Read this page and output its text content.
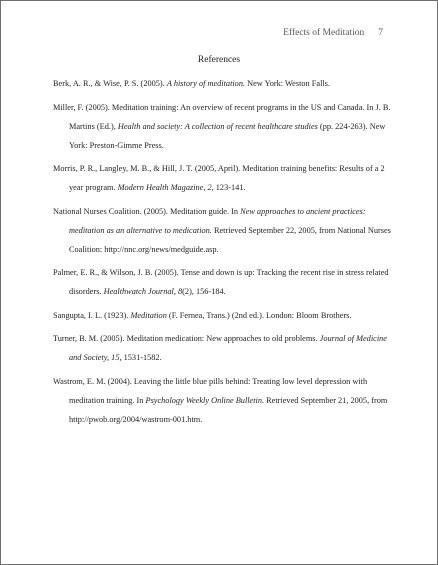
Effects of Meditation 7
References

Berk, A. R., & Wise, P. S. (2005). A history of meditation. New York: Weston Falls.

Miller, F. (2005). Meditation training: An overview of recent programs in the US and Canada. In J. B. Martins (Ed.), Health and society: A collection of recent healthcare studies (pp. 224-263). New York: Preston-Gimme Press.

Morris, P. R., Langley, M. B., & Hill, J. T. (2005, April). Meditation training benefits: Results of a 2 year program. Modern Health Magazine, 2, 123-141.

National Nurses Coalition. (2005). Meditation guide. In New approaches to ancient practices: meditation as an alternative to medication. Retrieved September 22, 2005, from National Nurses Coalition: http://nnc.org/news/medguide.asp.

Palmer, E. R., & Wilson, J. B. (2005). Tense and down is up: Tracking the recent rise in stress related disorders. Healthwatch Journal, 8(2), 156-184.

Sangupta, I. L. (1923). Meditation (F. Fernea, Trans.) (2nd ed.). London: Bloom Brothers.

Turner, B. M. (2005). Meditation medication: New approaches to old problems. Journal of Medicine and Society, 15, 1531-1582.

Wastrom, E. M. (2004). Leaving the little blue pills behind: Treating low level depression with meditation training. In Psychology Weekly Online Bulletin. Retrieved September 21, 2005, from http://pwob.org/2004/wastrom-001.htm.
